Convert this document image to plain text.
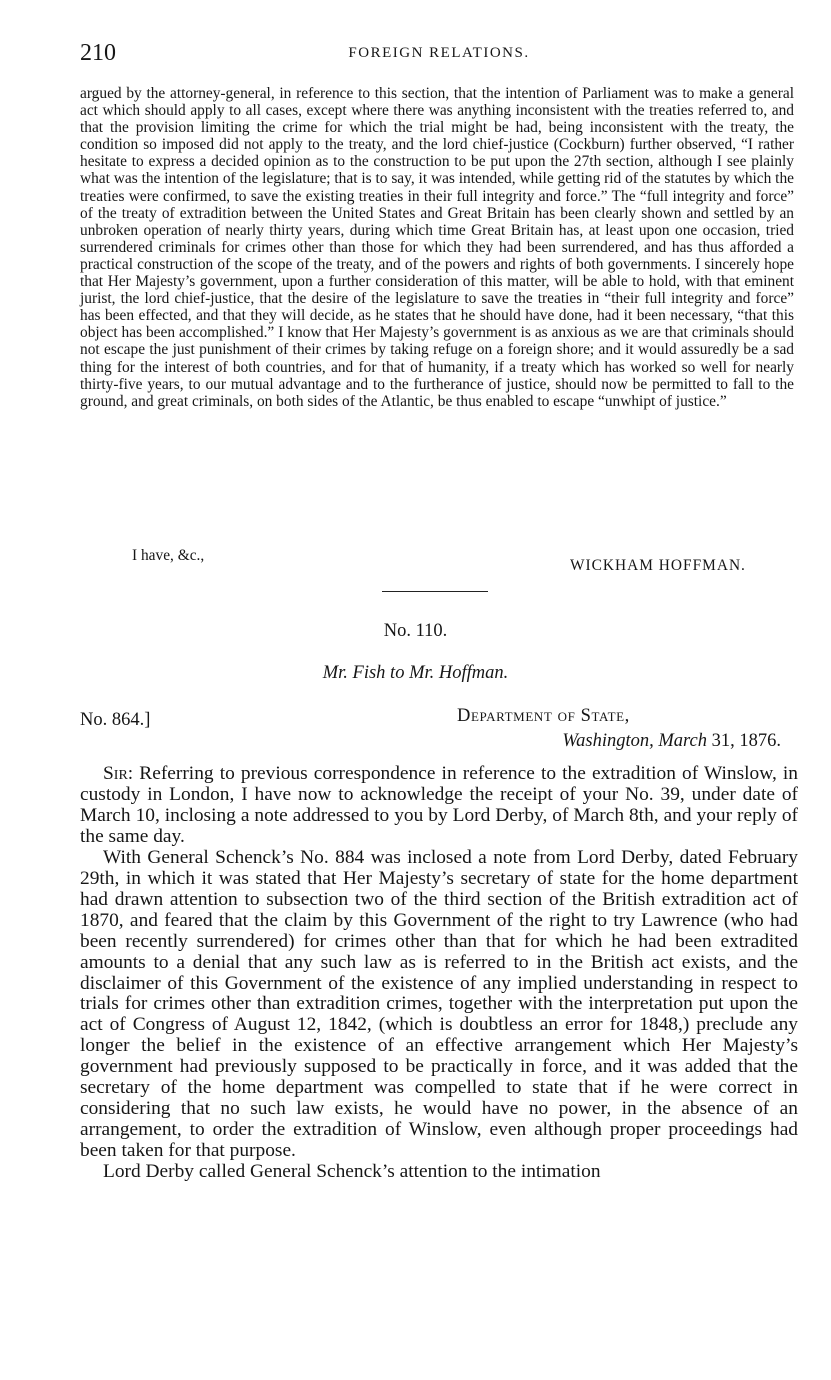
210	FOREIGN RELATIONS.

argued by the attorney-general, in reference to this section, that the intention of Parliament was to make a general act which should apply to all cases, except where there was anything inconsistent with the treaties referred to, and that the provision limiting the crime for which the trial might be had, being inconsistent with the treaty, the condition so imposed did not apply to the treaty, and the lord chief-justice (Cockburn) further observed, “I rather hesitate to express a decided opinion as to the construction to be put upon the 27th section, although I see plainly what was the intention of the legislature; that is to say, it was intended, while getting rid of the statutes by which the treaties were confirmed, to save the existing treaties in their full integrity and force.” The “full integrity and force” of the treaty of extradition between the United States and Great Britain has been clearly shown and settled by an unbroken operation of nearly thirty years, during which time Great Britain has, at least upon one occasion, tried surrendered criminals for crimes other than those for which they had been surrendered, and has thus afforded a practical construction of the scope of the treaty, and of the powers and rights of both governments. I sincerely hope that Her Majesty’s government, upon a further consideration of this matter, will be able to hold, with that eminent jurist, the lord chief-justice, that the desire of the legislature to save the treaties in “their full integrity and force” has been effected, and that they will decide, as he states that he should have done, had it been necessary, “that this object has been accomplished.” I know that Her Majesty’s government is as anxious as we are that criminals should not escape the just punishment of their crimes by taking refuge on a foreign shore; and it would assuredly be a sad thing for the interest of both countries, and for that of humanity, if a treaty which has worked so well for nearly thirty-five years, to our mutual advantage and to the furtherance of justice, should now be permitted to fall to the ground, and great criminals, on both sides of the Atlantic, be thus enabled to escape “unwhipt of justice.”

I have, &c.,
WICKHAM HOFFMAN.
No. 110.
Mr. Fish to Mr. Hoffman.
No. 864.]	Department of State,
Washington, March 31, 1876.

Sir: Referring to previous correspondence in reference to the extradition of Winslow, in custody in London, I have now to acknowledge the receipt of your No. 39, under date of March 10, inclosing a note addressed to you by Lord Derby, of March 8th, and your reply of the same day.

With General Schenck’s No. 884 was inclosed a note from Lord Derby, dated February 29th, in which it was stated that Her Majesty’s secretary of state for the home department had drawn attention to subsection two of the third section of the British extradition act of 1870, and feared that the claim by this Government of the right to try Lawrence (who had been recently surrendered) for crimes other than that for which he had been extradited amounts to a denial that any such law as is referred to in the British act exists, and the disclaimer of this Government of the existence of any implied understanding in respect to trials for crimes other than extradition crimes, together with the interpretation put upon the act of Congress of August 12, 1842, (which is doubtless an error for 1848,) preclude any longer the belief in the existence of an effective arrangement which Her Majesty’s government had previously supposed to be practically in force, and it was added that the secretary of the home department was compelled to state that if he were correct in considering that no such law exists, he would have no power, in the absence of an arrangement, to order the extradition of Winslow, even although proper proceedings had been taken for that purpose.

Lord Derby called General Schenck’s attention to the intimation
